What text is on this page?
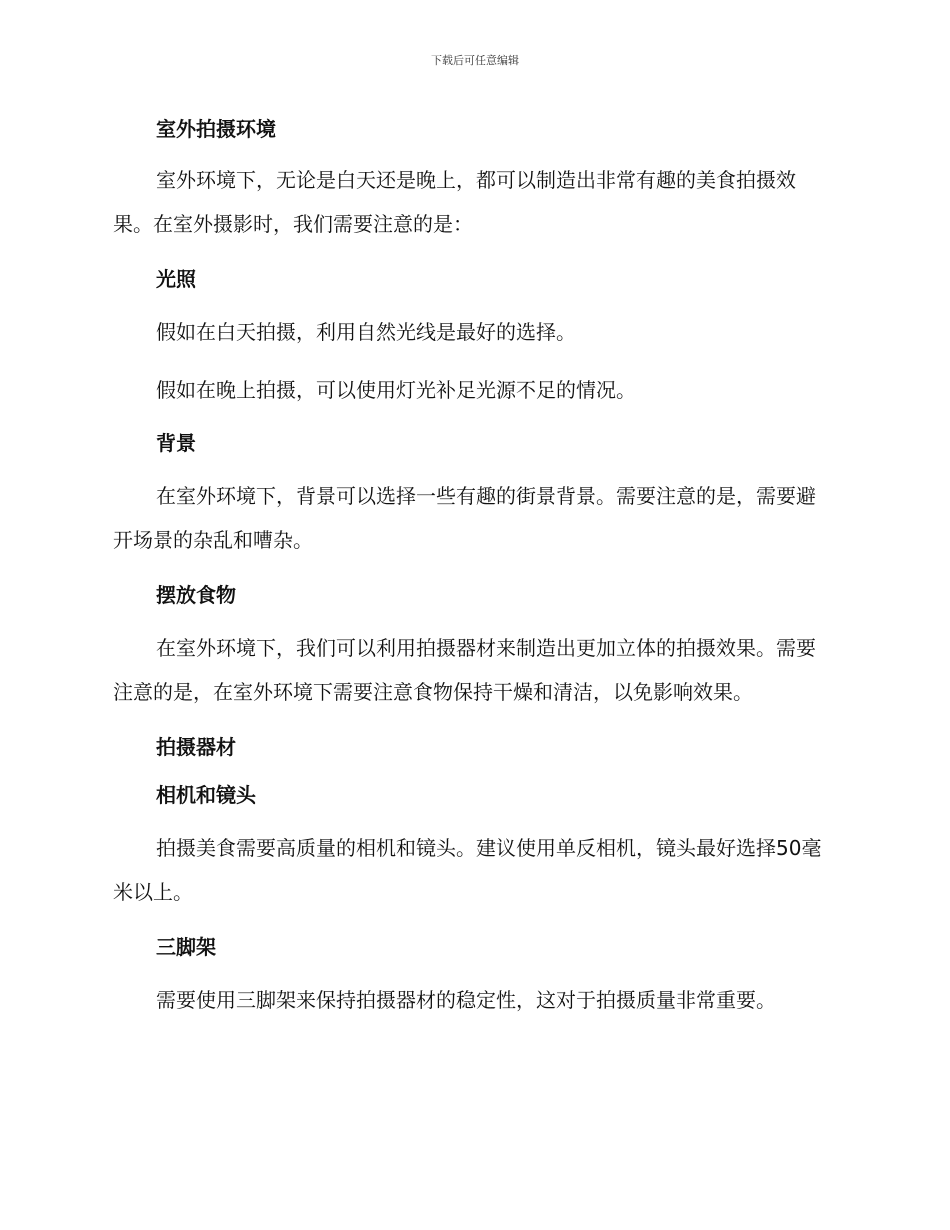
下载后可任意编辑
室外拍摄环境

室外环境下，无论是白天还是晚上，都可以制造出非常有趣的美食拍摄效果。在室外摄影时，我们需要注意的是：

光照

假如在白天拍摄，利用自然光线是最好的选择。

假如在晚上拍摄，可以使用灯光补足光源不足的情况。

背景

在室外环境下，背景可以选择一些有趣的街景背景。需要注意的是，需要避开场景的杂乱和嘈杂。

摆放食物

在室外环境下，我们可以利用拍摄器材来制造出更加立体的拍摄效果。需要注意的是，在室外环境下需要注意食物保持干燥和清洁，以免影响效果。

拍摄器材
相机和镜头

拍摄美食需要高质量的相机和镜头。建议使用单反相机，镜头最好选择50毫米以上。

三脚架

需要使用三脚架来保持拍摄器材的稳定性，这对于拍摄质量非常重要。
